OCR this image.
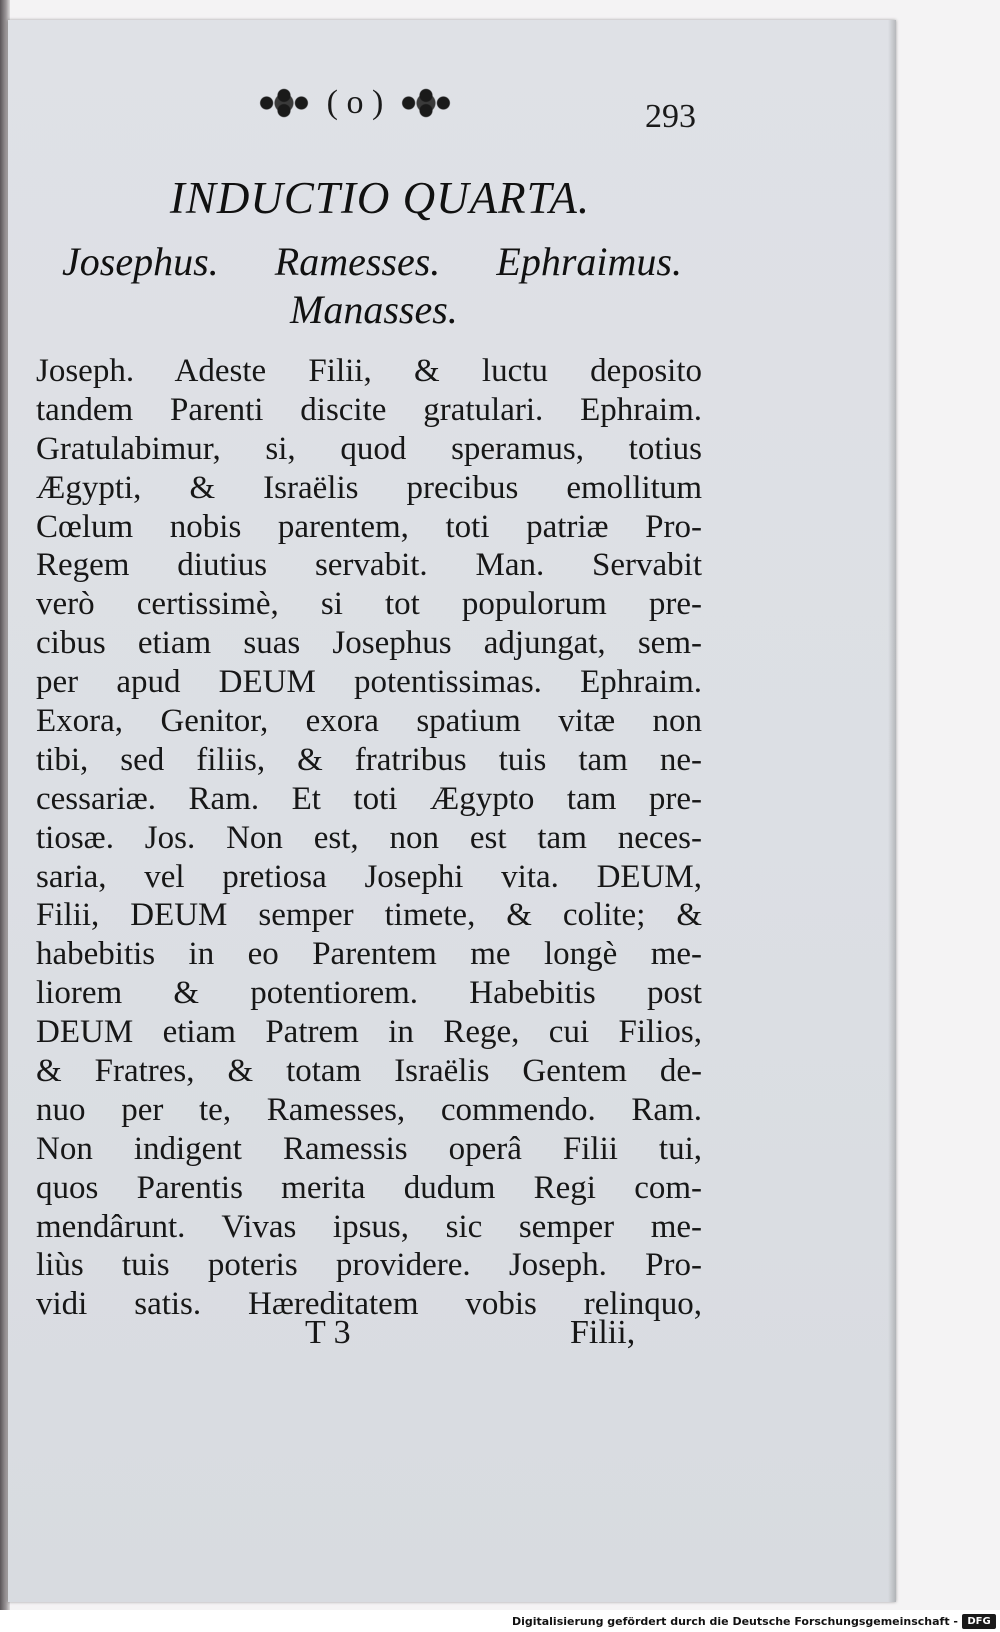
( o )	293
INDUCTIO QUARTA.
Josephus. Ramesses. Ephraimus.
Manasses.
Joseph. Adeste Filii, & luctu deposito
tandem Parenti discite gratulari. Ephraim.
Gratulabimur, si, quod speramus, totius
Ægypti, & Israëlis precibus emollitum
Cœlum nobis parentem, toti patriæ Pro-
Regem diutius servabit. Man. Servabit
verò certissimè, si tot populorum pre-
cibus etiam suas Josephus adjungat, sem-
per apud DEUM potentissimas. Ephraim.
Exora, Genitor, exora spatium vitæ non
tibi, sed filiis, & fratribus tuis tam ne-
cessariæ. Ram. Et toti Ægypto tam pre-
tiosæ. Jos. Non est, non est tam neces-
saria, vel pretiosa Josephi vita. DEUM,
Filii, DEUM semper timete, & colite; &
habebitis in eo Parentem me longè me-
liorem & potentiorem. Habebitis post
DEUM etiam Patrem in Rege, cui Filios,
& Fratres, & totam Israëlis Gentem de-
nuo per te, Ramesses, commendo. Ram.
Non indigent Ramessis operâ Filii tui,
quos Parentis merita dudum Regi com-
mendârunt. Vivas ipsus, sic semper me-
liùs tuis poteris providere. Joseph. Pro-
vidi satis. Hæreditatem vobis relinquo,
T 3	Filii,
Digitalisierung gefördert durch die Deutsche Forschungsgemeinschaft - DFG
